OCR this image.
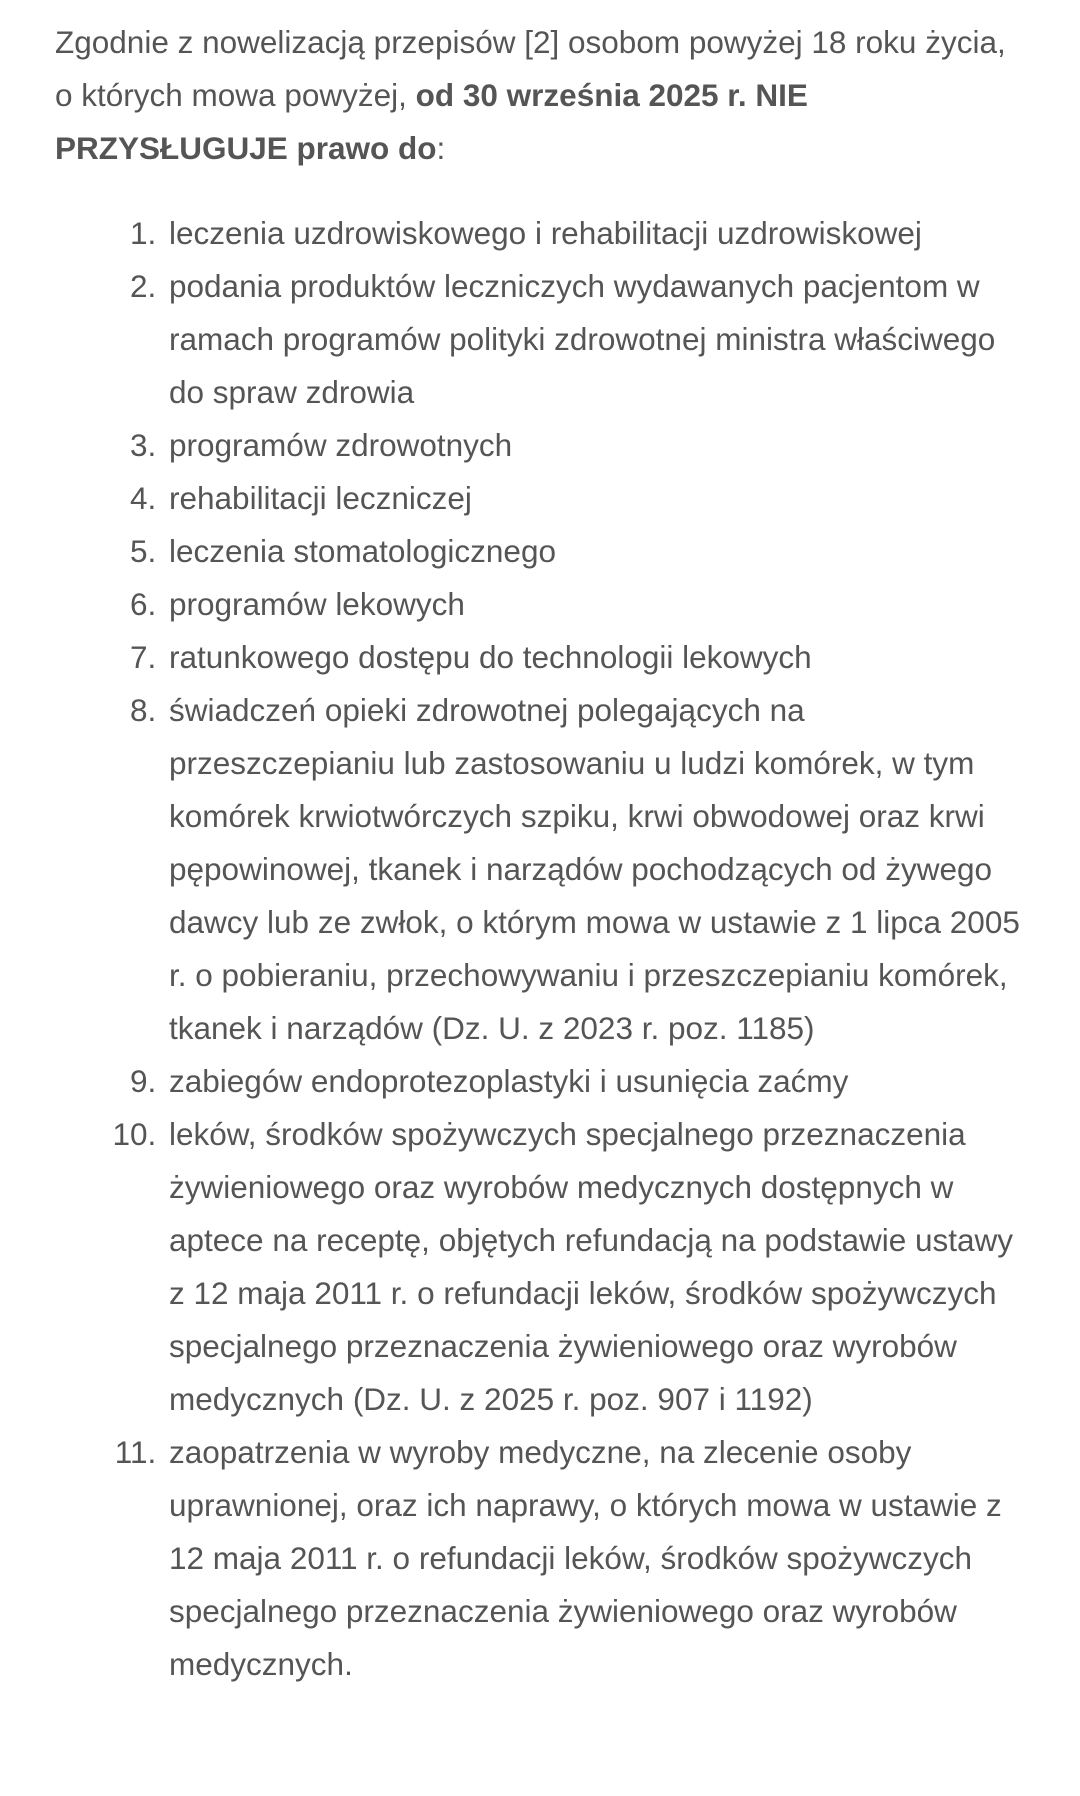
Zgodnie z nowelizacją przepisów [2] osobom powyżej 18 roku życia, o których mowa powyżej, od 30 września 2025 r. NIE PRZYSŁUGUJE prawo do:

1. leczenia uzdrowiskowego i rehabilitacji uzdrowiskowej
2. podania produktów leczniczych wydawanych pacjentom w ramach programów polityki zdrowotnej ministra właściwego do spraw zdrowia
3. programów zdrowotnych
4. rehabilitacji leczniczej
5. leczenia stomatologicznego
6. programów lekowych
7. ratunkowego dostępu do technologii lekowych
8. świadczeń opieki zdrowotnej polegających na przeszczepianiu lub zastosowaniu u ludzi komórek, w tym komórek krwiotwórczych szpiku, krwi obwodowej oraz krwi pępowinowej, tkanek i narządów pochodzących od żywego dawcy lub ze zwłok, o którym mowa w ustawie z 1 lipca 2005 r. o pobieraniu, przechowywaniu i przeszczepianiu komórek, tkanek i narządów (Dz. U. z 2023 r. poz. 1185)
9. zabiegów endoprotezoplastyki i usunięcia zaćmy
10. leków, środków spożywczych specjalnego przeznaczenia żywieniowego oraz wyrobów medycznych dostępnych w aptece na receptę, objętych refundacją na podstawie ustawy z 12 maja 2011 r. o refundacji leków, środków spożywczych specjalnego przeznaczenia żywieniowego oraz wyrobów medycznych (Dz. U. z 2025 r. poz. 907 i 1192)
11. zaopatrzenia w wyroby medyczne, na zlecenie osoby uprawnionej, oraz ich naprawy, o których mowa w ustawie z 12 maja 2011 r. o refundacji leków, środków spożywczych specjalnego przeznaczenia żywieniowego oraz wyrobów medycznych.
